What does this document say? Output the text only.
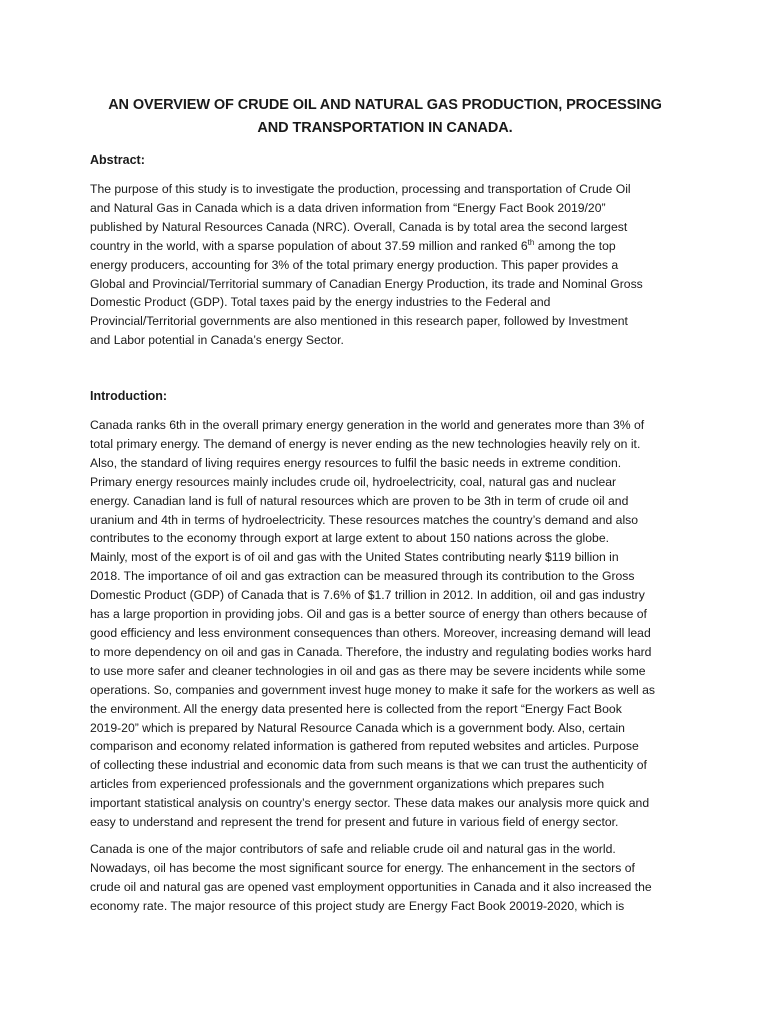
AN OVERVIEW OF CRUDE OIL AND NATURAL GAS PRODUCTION, PROCESSING
AND TRANSPORTATION IN CANADA.
Abstract:
The purpose of this study is to investigate the production, processing and transportation of Crude Oil
and Natural Gas in Canada which is a data driven information from “Energy Fact Book 2019/20”
published by Natural Resources Canada (NRC). Overall, Canada is by total area the second largest
country in the world, with a sparse population of about 37.59 million and ranked 6th among the top
energy producers, accounting for 3% of the total primary energy production. This paper provides a
Global and Provincial/Territorial summary of Canadian Energy Production, its trade and Nominal Gross
Domestic Product (GDP). Total taxes paid by the energy industries to the Federal and
Provincial/Territorial governments are also mentioned in this research paper, followed by Investment
and Labor potential in Canada’s energy Sector.
Introduction:
Canada ranks 6th in the overall primary energy generation in the world and generates more than 3% of
total primary energy. The demand of energy is never ending as the new technologies heavily rely on it.
Also, the standard of living requires energy resources to fulfil the basic needs in extreme condition.
Primary energy resources mainly includes crude oil, hydroelectricity, coal, natural gas and nuclear
energy. Canadian land is full of natural resources which are proven to be 3th in term of crude oil and
uranium and 4th in terms of hydroelectricity. These resources matches the country’s demand and also
contributes to the economy through export at large extent to about 150 nations across the globe.
Mainly, most of the export is of oil and gas with the United States contributing nearly $119 billion in
2018. The importance of oil and gas extraction can be measured through its contribution to the Gross
Domestic Product (GDP) of Canada that is 7.6% of $1.7 trillion in 2012. In addition, oil and gas industry
has a large proportion in providing jobs. Oil and gas is a better source of energy than others because of
good efficiency and less environment consequences than others. Moreover, increasing demand will lead
to more dependency on oil and gas in Canada. Therefore, the industry and regulating bodies works hard
to use more safer and cleaner technologies in oil and gas as there may be severe incidents while some
operations. So, companies and government invest huge money to make it safe for the workers as well as
the environment. All the energy data presented here is collected from the report “Energy Fact Book
2019-20” which is prepared by Natural Resource Canada which is a government body. Also, certain
comparison and economy related information is gathered from reputed websites and articles. Purpose
of collecting these industrial and economic data from such means is that we can trust the authenticity of
articles from experienced professionals and the government organizations which prepares such
important statistical analysis on country’s energy sector. These data makes our analysis more quick and
easy to understand and represent the trend for present and future in various field of energy sector.
Canada is one of the major contributors of safe and reliable crude oil and natural gas in the world.
Nowadays, oil has become the most significant source for energy. The enhancement in the sectors of
crude oil and natural gas are opened vast employment opportunities in Canada and it also increased the
economy rate. The major resource of this project study are Energy Fact Book 20019-2020, which is
